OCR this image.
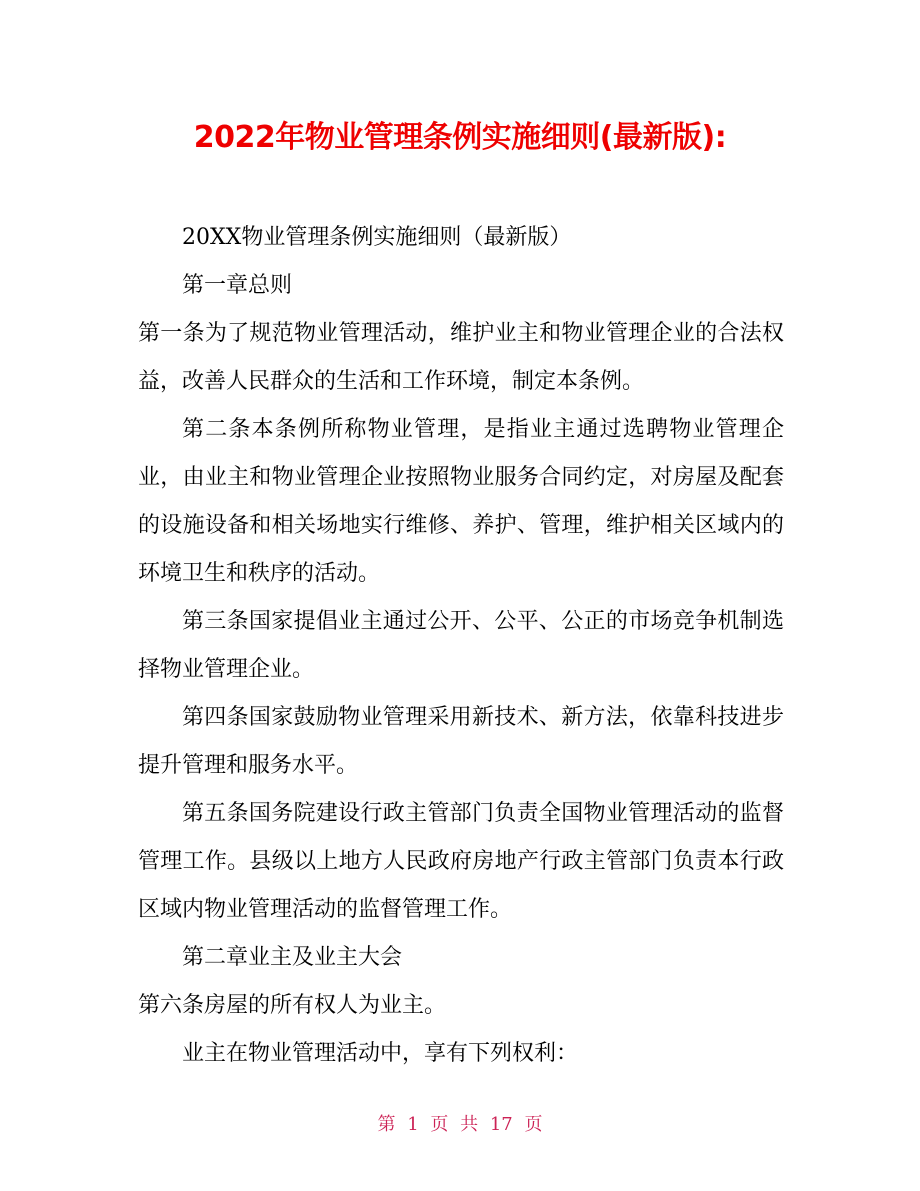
2022年物业管理条例实施细则(最新版):

20XX物业管理条例实施细则（最新版）

第一章总则

第一条为了规范物业管理活动，维护业主和物业管理企业的合法权益，改善人民群众的生活和工作环境，制定本条例。

第二条本条例所称物业管理，是指业主通过选聘物业管理企业，由业主和物业管理企业按照物业服务合同约定，对房屋及配套的设施设备和相关场地实行维修、养护、管理，维护相关区域内的环境卫生和秩序的活动。

第三条国家提倡业主通过公开、公平、公正的市场竞争机制选择物业管理企业。

第四条国家鼓励物业管理采用新技术、新方法，依靠科技进步提升管理和服务水平。

第五条国务院建设行政主管部门负责全国物业管理活动的监督管理工作。县级以上地方人民政府房地产行政主管部门负责本行政区域内物业管理活动的监督管理工作。

第二章业主及业主大会

第六条房屋的所有权人为业主。

业主在物业管理活动中，享有下列权利：

第 1 页 共 17 页
